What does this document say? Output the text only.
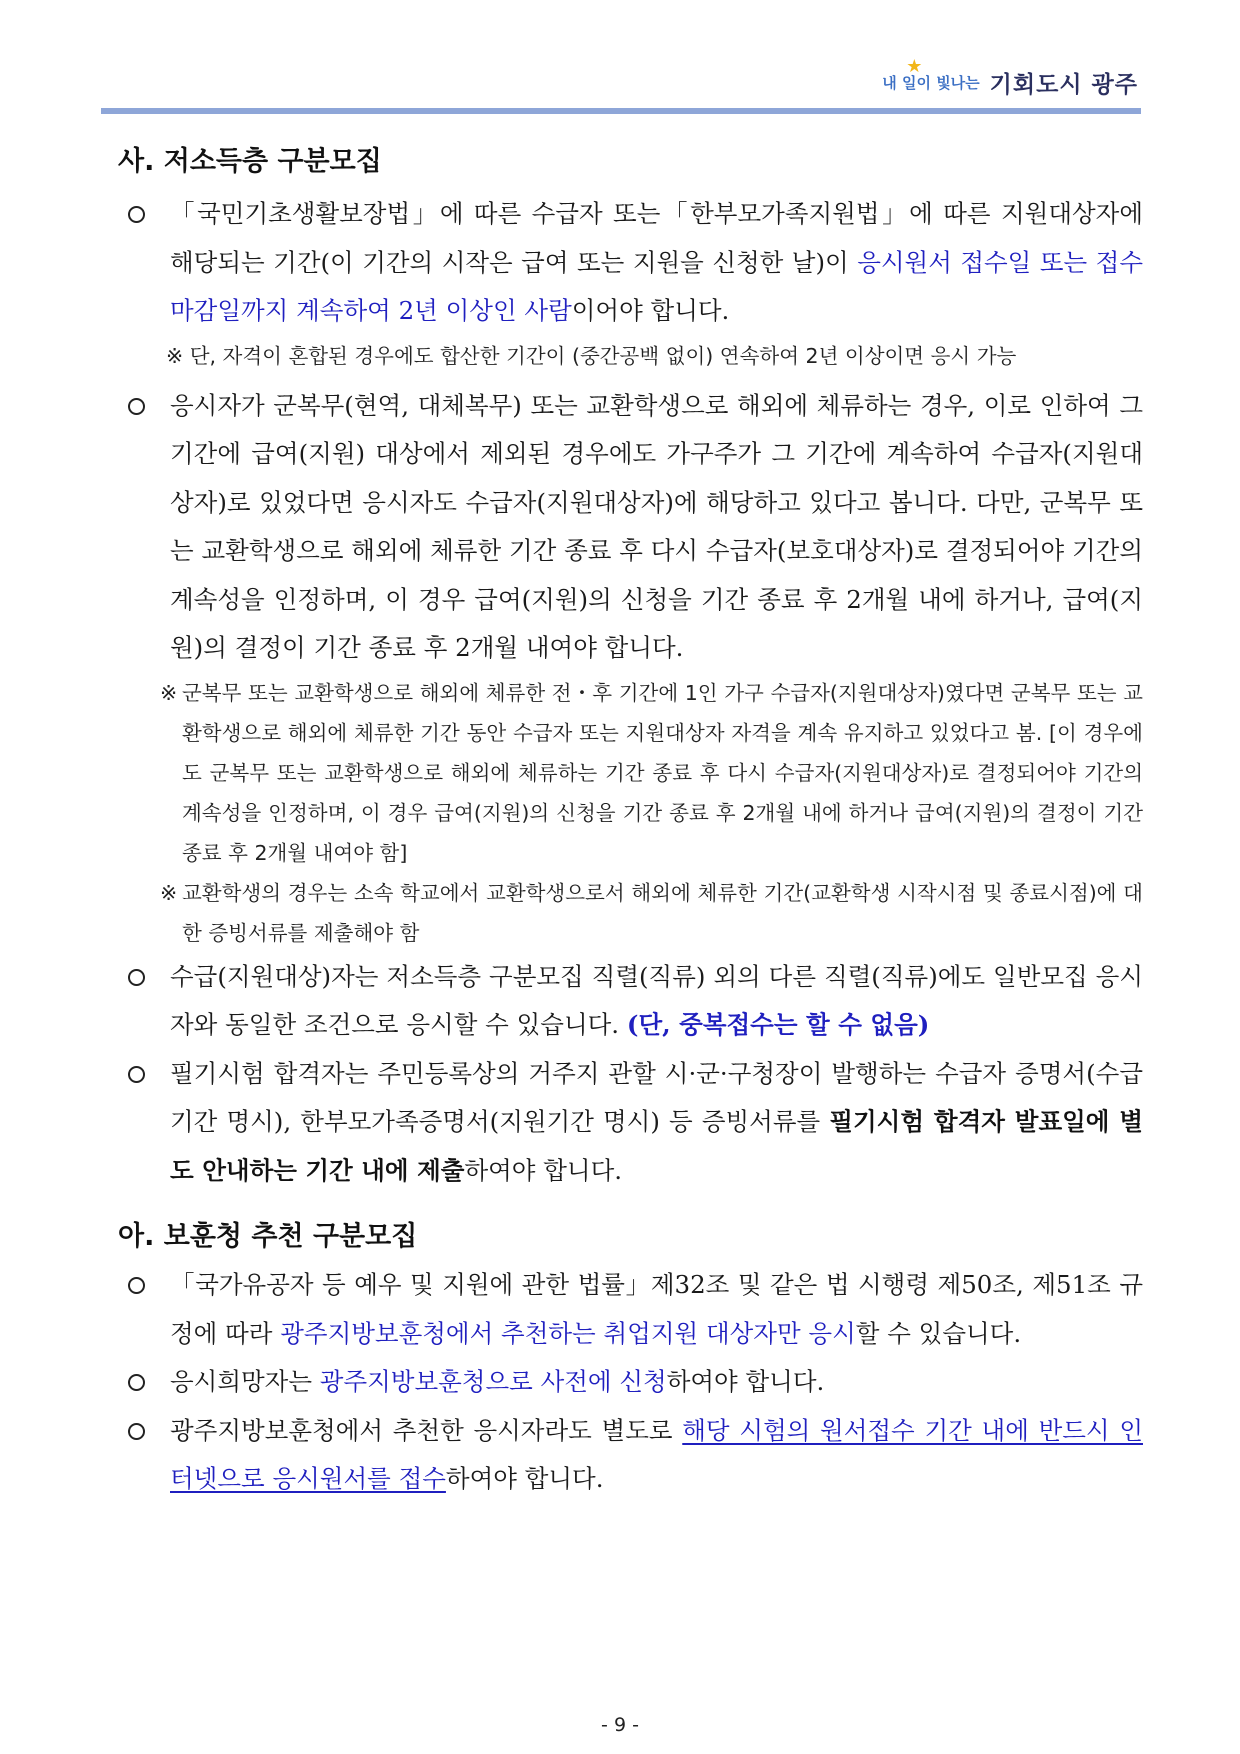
★
내 일이 빛나는 기회도시 광주
사. 저소득층 구분모집

「국민기초생활보장법」에 따른 수급자 또는「한부모가족지원법」에 따른 지원대상자에 해당되는 기간(이 기간의 시작은 급여 또는 지원을 신청한 날)이 응시원서 접수일 또는 접수 마감일까지 계속하여 2년 이상인 사람이어야 합니다.

※ 단, 자격이 혼합된 경우에도 합산한 기간이 (중간공백 없이) 연속하여 2년 이상이면 응시 가능

응시자가 군복무(현역, 대체복무) 또는 교환학생으로 해외에 체류하는 경우, 이로 인하여 그 기간에 급여(지원) 대상에서 제외된 경우에도 가구주가 그 기간에 계속하여 수급자(지원대상자)로 있었다면 응시자도 수급자(지원대상자)에 해당하고 있다고 봅니다. 다만, 군복무 또는 교환학생으로 해외에 체류한 기간 종료 후 다시 수급자(보호대상자)로 결정되어야 기간의 계속성을 인정하며, 이 경우 급여(지원)의 신청을 기간 종료 후 2개월 내에 하거나, 급여(지원)의 결정이 기간 종료 후 2개월 내여야 합니다.

※ 군복무 또는 교환학생으로 해외에 체류한 전・후 기간에 1인 가구 수급자(지원대상자)였다면 군복무 또는 교환학생으로 해외에 체류한 기간 동안 수급자 또는 지원대상자 자격을 계속 유지하고 있었다고 봄. [이 경우에도 군복무 또는 교환학생으로 해외에 체류하는 기간 종료 후 다시 수급자(지원대상자)로 결정되어야 기간의 계속성을 인정하며, 이 경우 급여(지원)의 신청을 기간 종료 후 2개월 내에 하거나 급여(지원)의 결정이 기간 종료 후 2개월 내여야 함]

※ 교환학생의 경우는 소속 학교에서 교환학생으로서 해외에 체류한 기간(교환학생 시작시점 및 종료시점)에 대한 증빙서류를 제출해야 함

수급(지원대상)자는 저소득층 구분모집 직렬(직류) 외의 다른 직렬(직류)에도 일반모집 응시자와 동일한 조건으로 응시할 수 있습니다. (단, 중복접수는 할 수 없음)

필기시험 합격자는 주민등록상의 거주지 관할 시·군·구청장이 발행하는 수급자 증명서(수급기간 명시), 한부모가족증명서(지원기간 명시) 등 증빙서류를 필기시험 합격자 발표일에 별도 안내하는 기간 내에 제출하여야 합니다.

아. 보훈청 추천 구분모집

「국가유공자 등 예우 및 지원에 관한 법률」제32조 및 같은 법 시행령 제50조, 제51조 규정에 따라 광주지방보훈청에서 추천하는 취업지원 대상자만 응시할 수 있습니다.

응시희망자는 광주지방보훈청으로 사전에 신청하여야 합니다.

광주지방보훈청에서 추천한 응시자라도 별도로 해당 시험의 원서접수 기간 내에 반드시 인터넷으로 응시원서를 접수하여야 합니다.

- 9 -
